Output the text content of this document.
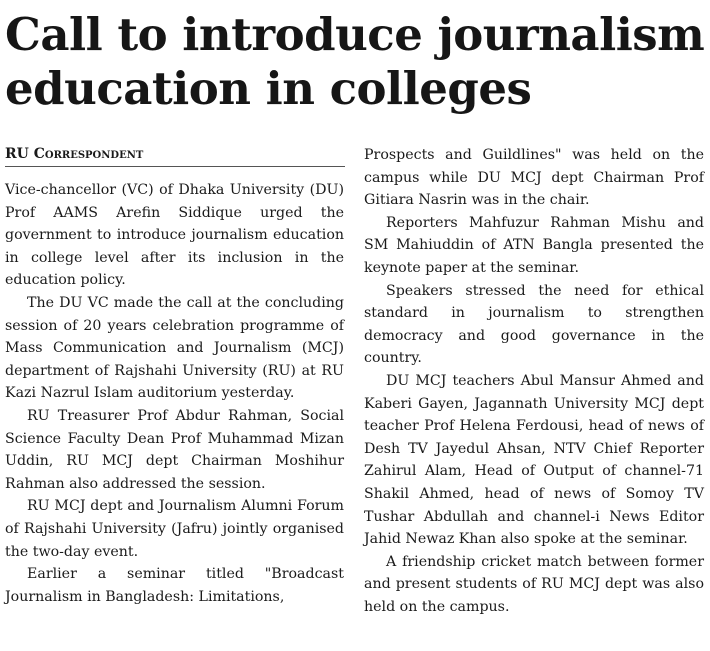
Call to introduce journalism education in colleges
RU Correspondent

Vice-chancellor (VC) of Dhaka University (DU) Prof AAMS Arefin Siddique urged the government to introduce journalism education in college level after its inclusion in the education policy.

The DU VC made the call at the concluding session of 20 years celebration programme of Mass Communication and Journalism (MCJ) department of Rajshahi University (RU) at RU Kazi Nazrul Islam auditorium yesterday.

RU Treasurer Prof Abdur Rahman, Social Science Faculty Dean Prof Muhammad Mizan Uddin, RU MCJ dept Chairman Moshihur Rahman also addressed the session.

RU MCJ dept and Journalism Alumni Forum of Rajshahi University (Jafru) jointly organised the two-day event.

Earlier a seminar titled "Broadcast Journalism in Bangladesh: Limitations,

Prospects and Guildlines" was held on the campus while DU MCJ dept Chairman Prof Gitiara Nasrin was in the chair.

Reporters Mahfuzur Rahman Mishu and SM Mahiuddin of ATN Bangla presented the keynote paper at the seminar.

Speakers stressed the need for ethical standard in journalism to strengthen democracy and good governance in the country.

DU MCJ teachers Abul Mansur Ahmed and Kaberi Gayen, Jagannath University MCJ dept teacher Prof Helena Ferdousi, head of news of Desh TV Jayedul Ahsan, NTV Chief Reporter Zahirul Alam, Head of Output of channel-71 Shakil Ahmed, head of news of Somoy TV Tushar Abdullah and channel-i News Editor Jahid Newaz Khan also spoke at the seminar.

A friendship cricket match between former and present students of RU MCJ dept was also held on the campus.
